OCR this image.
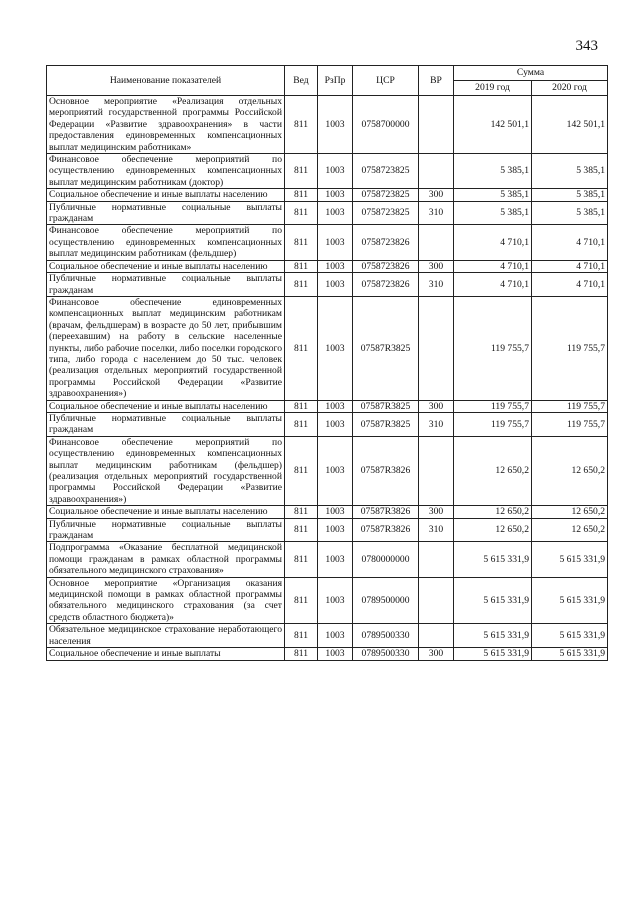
343
Наименование показателей	Вед	РзПр	ЦСР	ВР	Сумма	
					2019 год	2020 год
Основное мероприятие «Реализация отдельных мероприятий государственной программы Российской Федерации «Развитие здравоохранения» в части предоставления единовременных компенсационных выплат медицинским работникам»	811	1003	0758700000		142 501,1	142 501,1
Финансовое обеспечение мероприятий по осуществлению единовременных компенсационных выплат медицинским работникам (доктор)	811	1003	0758723825		5 385,1	5 385,1
Социальное обеспечение и иные выплаты населению	811	1003	0758723825	300	5 385,1	5 385,1
Публичные нормативные социальные выплаты гражданам	811	1003	0758723825	310	5 385,1	5 385,1
Финансовое обеспечение мероприятий по осуществлению единовременных компенсационных выплат медицинским работникам (фельдшер)	811	1003	0758723826		4 710,1	4 710,1
Социальное обеспечение и иные выплаты населению	811	1003	0758723826	300	4 710,1	4 710,1
Публичные нормативные социальные выплаты гражданам	811	1003	0758723826	310	4 710,1	4 710,1
Финансовое обеспечение единовременных компенсационных выплат медицинским работникам (врачам, фельдшерам) в возрасте до 50 лет, прибывшим (переехавшим) на работу в сельские населенные пункты, либо рабочие поселки, либо поселки городского типа, либо города с населением до 50 тыс. человек (реализация отдельных мероприятий государственной программы Российской Федерации «Развитие здравоохранения»)	811	1003	07587R3825		119 755,7	119 755,7
Социальное обеспечение и иные выплаты населению	811	1003	07587R3825	300	119 755,7	119 755,7
Публичные нормативные социальные выплаты гражданам	811	1003	07587R3825	310	119 755,7	119 755,7
Финансовое обеспечение мероприятий по осуществлению единовременных компенсационных выплат медицинским работникам (фельдшер) (реализация отдельных мероприятий государственной программы Российской Федерации «Развитие здравоохранения»)	811	1003	07587R3826		12 650,2	12 650,2
Социальное обеспечение и иные выплаты населению	811	1003	07587R3826	300	12 650,2	12 650,2
Публичные нормативные социальные выплаты гражданам	811	1003	07587R3826	310	12 650,2	12 650,2
Подпрограмма «Оказание бесплатной медицинской помощи гражданам в рамках областной программы обязательного медицинского страхования»	811	1003	0780000000		5 615 331,9	5 615 331,9
Основное мероприятие «Организация оказания медицинской помощи в рамках областной программы обязательного медицинского страхования (за счет средств областного бюджета)»	811	1003	0789500000		5 615 331,9	5 615 331,9
Обязательное медицинское страхование неработающего населения	811	1003	0789500330		5 615 331,9	5 615 331,9
Социальное обеспечение и иные выплаты	811	1003	0789500330	300	5 615 331,9	5 615 331,9
